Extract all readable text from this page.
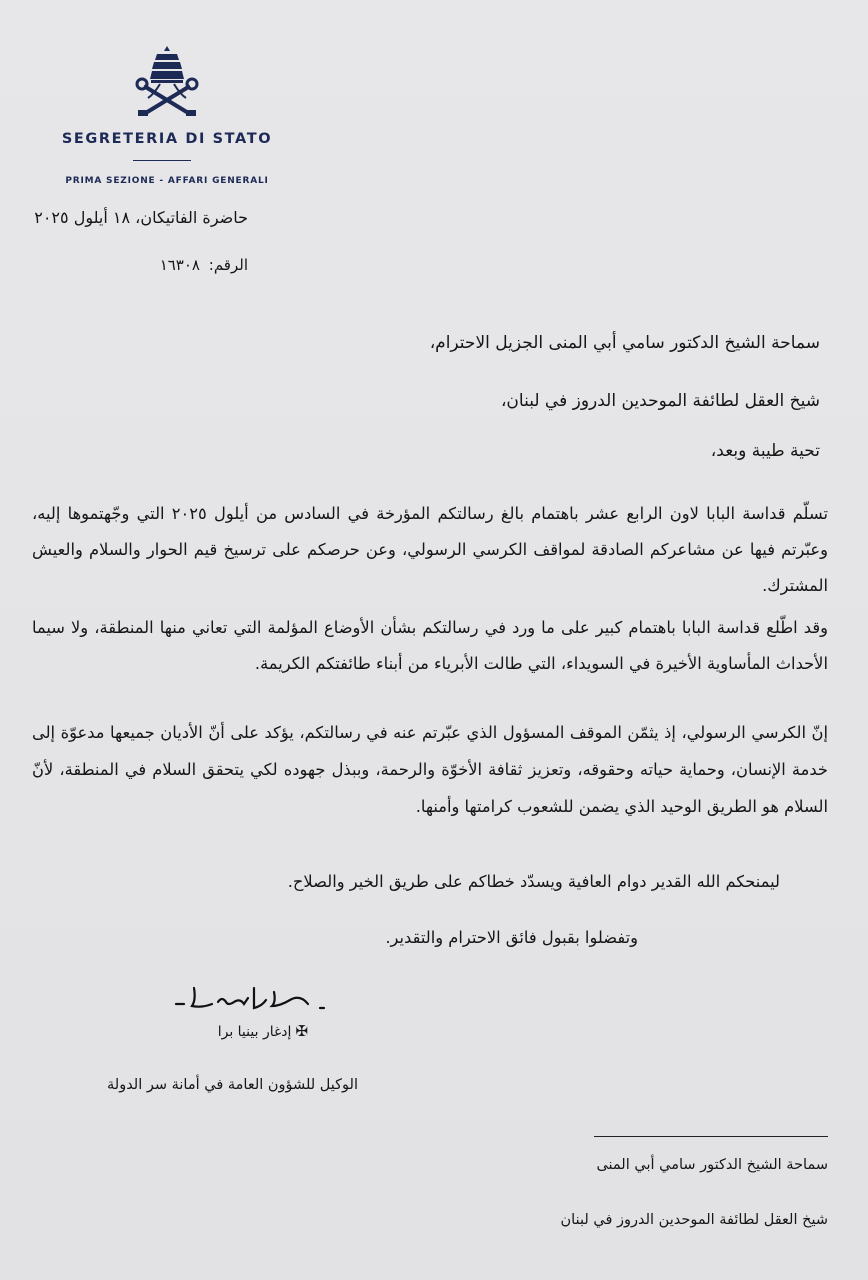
SEGRETERIA DI STATO
PRIMA SEZIONE - AFFARI GENERALI
حاضرة الفاتيكان، ١٨ أيلول ٢٠٢٥
الرقم: ١٦٣٠٨
سماحة الشيخ الدكتور سامي أبي المنى الجزيل الاحترام،
شيخ العقل لطائفة الموحدين الدروز في لبنان،
تحية طيبة وبعد،
تسلّم قداسة البابا لاون الرابع عشر باهتمام بالغ رسالتكم المؤرخة في السادس من أيلول ٢٠٢٥ التي وجّهتموها إليه، وعبّرتم فيها عن مشاعركم الصادقة لمواقف الكرسي الرسولي، وعن حرصكم على ترسيخ قيم الحوار والسلام والعيش المشترك.
وقد اطّلع قداسة البابا باهتمام كبير على ما ورد في رسالتكم بشأن الأوضاع المؤلمة التي تعاني منها المنطقة، ولا سيما الأحداث المأساوية الأخيرة في السويداء، التي طالت الأبرياء من أبناء طائفتكم الكريمة.
إنّ الكرسي الرسولي، إذ يثمّن الموقف المسؤول الذي عبّرتم عنه في رسالتكم، يؤكد على أنّ الأديان جميعها مدعوّة إلى خدمة الإنسان، وحماية حياته وحقوقه، وتعزيز ثقافة الأخوّة والرحمة، وببذل جهوده لكي يتحقق السلام في المنطقة، لأنّ السلام هو الطريق الوحيد الذي يضمن للشعوب كرامتها وأمنها.
ليمنحكم الله القدير دوام العافية ويسدّد خطاكم على طريق الخير والصلاح.
وتفضلوا بقبول فائق الاحترام والتقدير.
✠إدغار بينيا برا
الوكيل للشؤون العامة في أمانة سر الدولة
سماحة الشيخ الدكتور سامي أبي المنى
شيخ العقل لطائفة الموحدين الدروز في لبنان
